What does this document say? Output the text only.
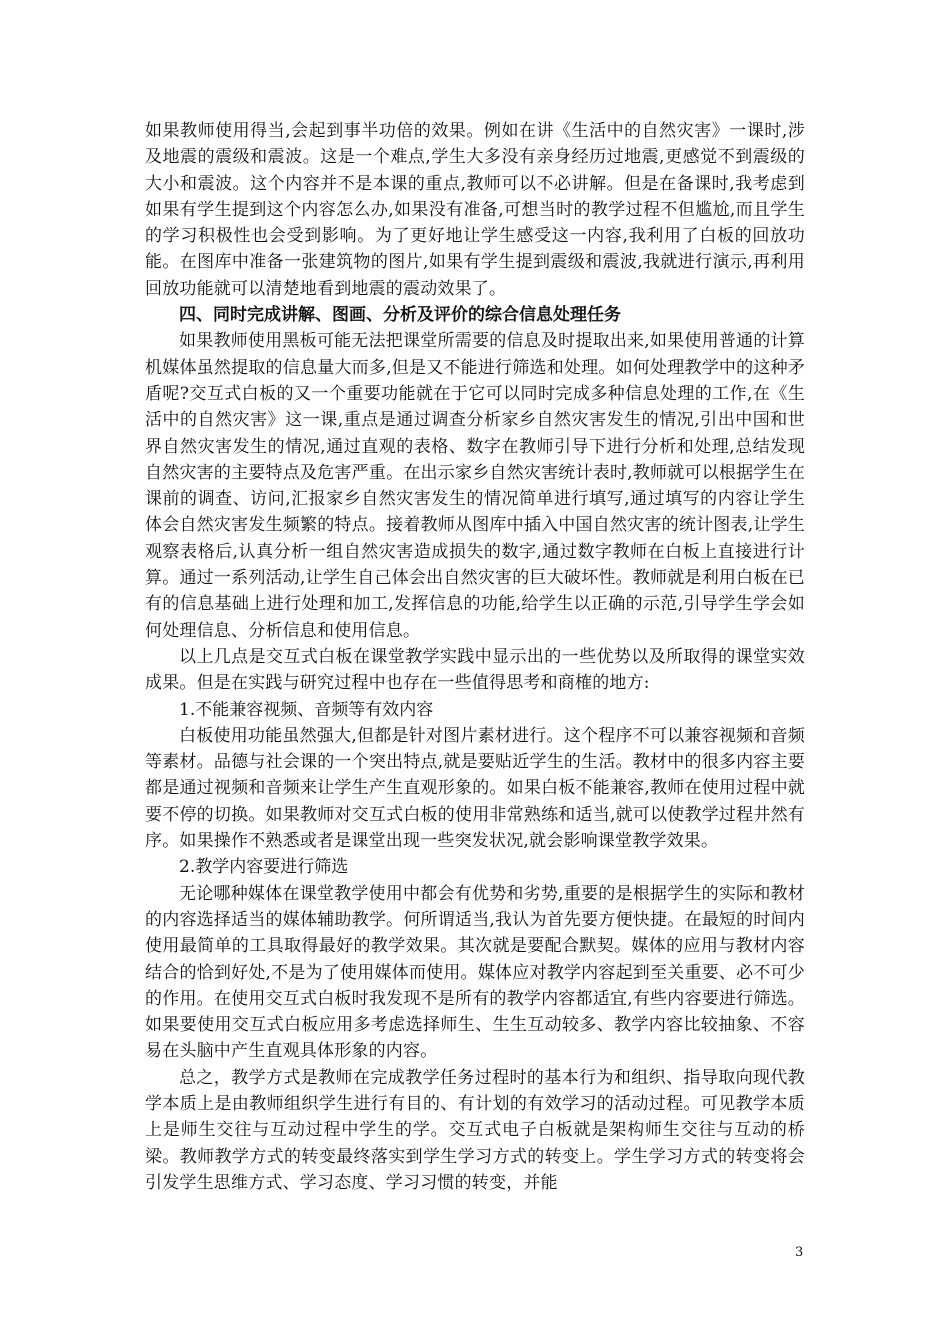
如果教师使用得当,会起到事半功倍的效果。例如在讲《生活中的自然灾害》一课时,涉及地震的震级和震波。这是一个难点,学生大多没有亲身经历过地震,更感觉不到震级的大小和震波。这个内容并不是本课的重点,教师可以不必讲解。但是在备课时,我考虑到如果有学生提到这个内容怎么办,如果没有准备,可想当时的教学过程不但尴尬,而且学生的学习积极性也会受到影响。为了更好地让学生感受这一内容,我利用了白板的回放功能。在图库中准备一张建筑物的图片,如果有学生提到震级和震波,我就进行演示,再利用回放功能就可以清楚地看到地震的震动效果了。

四、同时完成讲解、图画、分析及评价的综合信息处理任务

如果教师使用黑板可能无法把课堂所需要的信息及时提取出来,如果使用普通的计算机媒体虽然提取的信息量大而多,但是又不能进行筛选和处理。如何处理教学中的这种矛盾呢?交互式白板的又一个重要功能就在于它可以同时完成多种信息处理的工作,在《生活中的自然灾害》这一课,重点是通过调查分析家乡自然灾害发生的情况,引出中国和世界自然灾害发生的情况,通过直观的表格、数字在教师引导下进行分析和处理,总结发现自然灾害的主要特点及危害严重。在出示家乡自然灾害统计表时,教师就可以根据学生在课前的调查、访问,汇报家乡自然灾害发生的情况简单进行填写,通过填写的内容让学生体会自然灾害发生频繁的特点。接着教师从图库中插入中国自然灾害的统计图表,让学生观察表格后,认真分析一组自然灾害造成损失的数字,通过数字教师在白板上直接进行计算。通过一系列活动,让学生自己体会出自然灾害的巨大破坏性。教师就是利用白板在已有的信息基础上进行处理和加工,发挥信息的功能,给学生以正确的示范,引导学生学会如何处理信息、分析信息和使用信息。

以上几点是交互式白板在课堂教学实践中显示出的一些优势以及所取得的课堂实效成果。但是在实践与研究过程中也存在一些值得思考和商榷的地方:

1.不能兼容视频、音频等有效内容

白板使用功能虽然强大,但都是针对图片素材进行。这个程序不可以兼容视频和音频等素材。品德与社会课的一个突出特点,就是要贴近学生的生活。教材中的很多内容主要都是通过视频和音频来让学生产生直观形象的。如果白板不能兼容,教师在使用过程中就要不停的切换。如果教师对交互式白板的使用非常熟练和适当,就可以使教学过程井然有序。如果操作不熟悉或者是课堂出现一些突发状况,就会影响课堂教学效果。

2.教学内容要进行筛选

无论哪种媒体在课堂教学使用中都会有优势和劣势,重要的是根据学生的实际和教材的内容选择适当的媒体辅助教学。何所谓适当,我认为首先要方便快捷。在最短的时间内使用最简单的工具取得最好的教学效果。其次就是要配合默契。媒体的应用与教材内容结合的恰到好处,不是为了使用媒体而使用。媒体应对教学内容起到至关重要、必不可少的作用。在使用交互式白板时我发现不是所有的教学内容都适宜,有些内容要进行筛选。如果要使用交互式白板应用多考虑选择师生、生生互动较多、教学内容比较抽象、不容易在头脑中产生直观具体形象的内容。

总之，教学方式是教师在完成教学任务过程时的基本行为和组织、指导取向现代教学本质上是由教师组织学生进行有目的、有计划的有效学习的活动过程。可见教学本质上是师生交往与互动过程中学生的学。交互式电子白板就是架构师生交往与互动的桥梁。教师教学方式的转变最终落实到学生学习方式的转变上。学生学习方式的转变将会引发学生思维方式、学习态度、学习习惯的转变，并能

3
